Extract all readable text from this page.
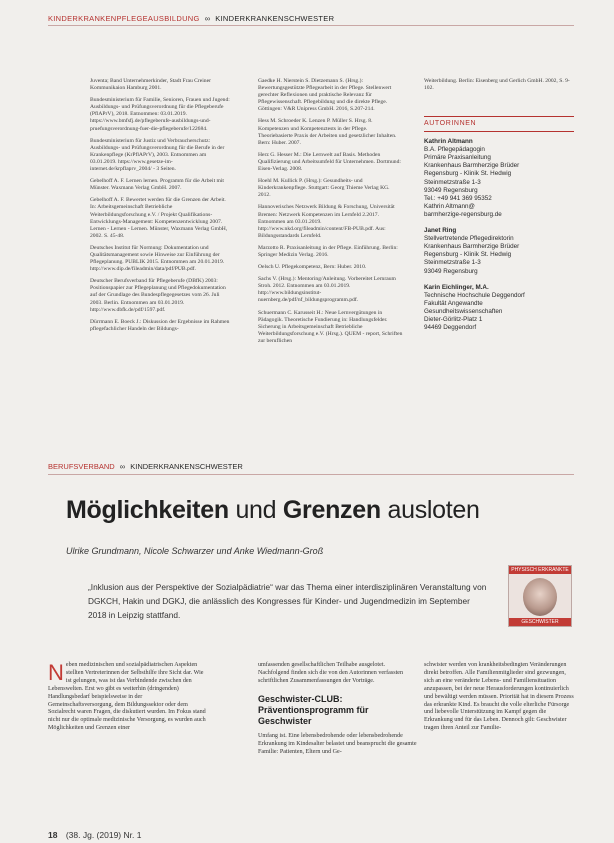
KINDERKRANKENPFLEGEAUSBILDUNG ∞ KINDERKRANKENSCHWESTER

Juventa; Band Unternehmerkinder, Stadt Frau Creiner Kommunikaion Hamburg 2001.

Bundesministerium für Familie, Senioren, Frauen und Jugend: Ausbildungs- und Prüfungsverordnung für die Pflegeberufe (PflAPrV), 2018. Entnommen: 03.01.2019. https://www.bmfsfj.de/pflegeberufe-ausbildungs-und-pruefungsverordnung-fuer-die-pflegeberufe/122684.

Bundesministerium für Justiz und Verbraucherschutz: Ausbildungs- und Prüfungsverordnung für die Berufe in der Krankenpflege (KrPflAPrV), 2003. Entnommen am 03.01.2019. https://www.gesetze-im-internet.de/krpflaprv_2004/ - 3 Seiten.

Gebelhoff A. F. Lernen lernen. Programm für die Arbeit mit Münster. Waxmann Verlag GmbH. 2007.

Gebelhoff A. F. Bewertet werden für die Grenzen der Arbeit. In: Arbeitsgemeinschaft Betriebliche Weiterbildungsforschung e.V. / Projekt Qualifikations-Entwicklungs-Management: Kompetenzentwicklung 2007. Lernen - Lernen - Lernen. Münster, Waxmann Verlag GmbH, 2002. S. 45-48.

Deutsches Institut für Normung: Dokumentation und Qualitätsmanagement sowie Hinweise zur Einführung der Pflegeplanung. PUBLIK 2015. Entnommen am 20.01.2019. http://www.dip.de/fileadmin/data/pdf/PUB.pdf.

Deutscher Berufsverband für Pflegeberufe (DBfK) 2003: Positionspapier zur Pflegeplanung und Pflegedokumentation auf der Grundlage des Bundespflegegesetzes vom 26. Juli 2003. Berlin. Entnommen am 03.01.2019. http://www.dbfk.de/pdf/1597.pdf.

Dürrmann E. Boeck J.: Diskussion der Ergebnisse im Rahmen pflegefachlicher Handeln der Bildungs-

Gaedke H. Nierstein S. Dietzemann S. (Hrsg.): Bewertungsgestützte Pflegearbeit in der Pflege. Stellenwert gerechter Reflexionen und praktische Relevanz für Pflegewissenschaft. Pflegebildung und die direkte Pflege. Göttingen: V&R Unipress GmbH. 2016, S.207-214.

Hess M. Schroeder K. Lenzen P. Müller S. Hrsg. 8. Kompetenzen und Kompetenztests in der Pflege. Theoriebasierte Praxis der Arbeiten und gesetzlicher Inhalten. Bern: Huber. 2007.

Herz G. Hesser M.: Die Lernwelt auf Basis. Methoden Qualifizierung und Arbeitsumfeld für Unternehmen. Dortmund: Eisen-Verlag. 2008.

Hoehl M. Kullick P. (Hrsg.): Gesundheits- und Kinderkrankenpflege. Stuttgart: Georg Thieme Verlag KG. 2012.

Hannoverisches Netzwerk Bildung & Forschung, Universität Bremen: Netzwerk Kompetenzen im Lernfeld 2.2017. Entnommen am 03.01.2019. http://www.nkd.org/fileadmin/content/FB-PUB.pdf. Aus: Bildungsstandards Lernfeld.

Marzotto R. Praxisanleitung in der Pflege. Einführung. Berlin: Springer Medizin Verlag. 2016.

Oelsch U. Pflegekompetenz, Bern: Huber. 2010.

Sachs V. (Hrsg.): Mentoring/Anleitung. Vorbereitet Lernraum Stroh. 2012. Entnommen am 03.01.2019. http://www.bildungsinstitut-nuernberg.de/pdf/nf_bildungsprogramm.pdf.

Schuermann C. Karusseit H.: Neue Lernvergütungen in Pädagogik. Theoretische Fundierung in: Handlungsfelder. Sicherung in Arbeitsgemeinschaft Betriebliche Weiterbildungsforschung e.V. (Hrsg.). QUEM - report, Schriften zur beruflichen

Weiterbildung. Berlin: Eisenberg und Gerlich GmbH. 2002, S. 9-102.

AUTORINNEN
Kathrin Altmann
B.A. Pflegepädagogin
Primäre Praxisanleitung
Krankenhaus Barmherzige Brüder
Regensburg - Klinik St. Hedwig
Steinmetzstraße 1-3
93049 Regensburg
Tel.: +49 941 369 95352
Kathrin Altmann@
barmherzige-regensburg.de
Janet Ring
Stellvertretende Pflegedirektorin
Krankenhaus Barmherzige Brüder
Regensburg - Klinik St. Hedwig
Steinmetzstraße 1-3
93049 Regensburg
Karin Eichlinger, M.A.
Technische Hochschule Deggendorf
Fakultät Angewandte
Gesundheitswissenschaften
Dieter-Görlitz-Platz 1
94469 Deggendorf
BERUFSVERBAND ∞ KINDERKRANKENSCHWESTER
Möglichkeiten und Grenzen ausloten
Ulrike Grundmann, Nicole Schwarzer und Anke Wiedmann-Groß
„Inklusion aus der Perspektive der Sozialpädiatrie“ war das Thema einer interdisziplinären Veranstaltung von DGKCH, Hakin und DGKJ, die anlässlich des Kongresses für Kinder- und Jugendmedizin im September 2018 in Leipzig stattfand.
PHYSISCH ERKRANKTE
GESCHWISTER
Neben medizinischen und sozialpädiatrischen Aspekten stellten Vertreterinnen der Selbsthilfe ihre Sicht dar. Wie ist gelungen, was ist das Verbindende zwischen den Lebenswelten. Erst wo gibt es weiterhin (dringenden) Handlungsbedarf beispielsweise in der Gemeinschaftsversorgung, dem Bildungssektor oder dem Sozialrecht waren Fragen, die diskutiert wurden. Im Fokus stand nicht nur die optimale medizinische Versorgung, es wurden auch Möglichkeiten und Grenzen einer
umfassenden gesellschaftlichen Teilhabe ausgelotet. Nachfolgend finden sich die von den Autorinnen verfassten schriftlichen Zusammenfassungen der Vorträge.
Geschwister-CLUB: Präventionsprogramm für Geschwister
Umfang ist. Eine lebensbedrohende oder lebensbedrohende Erkrankung im Kindesalter belastet und beansprucht die gesamte Familie: Patienten, Eltern und Ge-
schwister werden von krankheitsbedingten Veränderungen direkt betroffen. Alle Familienmitglieder sind gezwungen, sich an eine veränderte Lebens- und Familiensituation anzupassen, bei der neue Herausforderungen kontinuierlich und bewältigt werden müssen. Priorität hat in diesem Prozess das erkrankte Kind. Es braucht die volle elterliche Fürsorge und liebevolle Unterstützung im Kampf gegen die Erkrankung und für das Leben. Dennoch gilt: Geschwister tragen ihren Anteil zur Familie-
18 (38. Jg. (2019) Nr. 1
